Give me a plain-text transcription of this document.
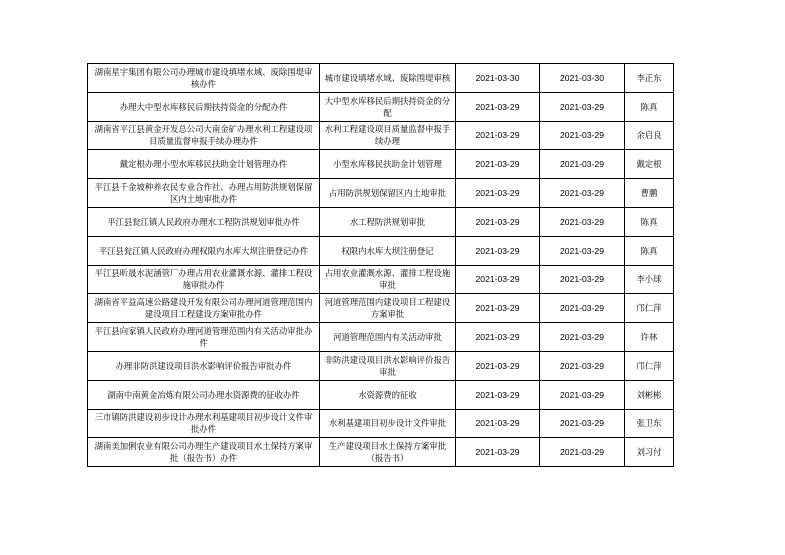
湖南星宇集团有限公司办理城市建设填堵水域、废除围堤审核办件	城市建设填堵水域、废除围堤审核	2021-03-30	2021-03-30	李正东
办理大中型水库移民后期扶持资金的分配办件	大中型水库移民后期扶持资金的分配	2021-03-29	2021-03-29	陈真
湖南省平江县黄金开发总公司大南金矿办理水利工程建设项目质量监督申报手续办理办件	水利工程建设项目质量监督申报手续办理	2021-03-29	2021-03-29	余启良
戴定根办理小型水库移民扶助金计划管理办件	小型水库移民扶助金计划管理	2021-03-29	2021-03-29	戴定根
平江县千金坡种养农民专业合作社、办理占用防洪规划保留区内土地审批办件	占用防洪规划保留区内土地审批	2021-03-29	2021-03-29	曹鹏
平江县瓮江镇人民政府办理水工程防洪规划审批办件	水工程防洪规划审批	2021-03-29	2021-03-29	陈真
平江县瓮江镇人民政府办理权限内水库大坝注册登记办件	权限内水库大坝注册登记	2021-03-29	2021-03-29	陈真
平江县昕晟水泥涵管厂办理占用农业灌溉水源、灌排工程设施审批办件	占用农业灌溉水源、灌排工程设施审批	2021-03-29	2021-03-29	李小球
湖南省平益高速公路建设开发有限公司办理河道管理范围内建设项目工程建设方案审批办件	河道管理范围内建设项目工程建设方案审批	2021-03-29	2021-03-29	邝仁萍
平江县向家镇人民政府办理河道管理范围内有关活动审批办件	河道管理范围内有关活动审批	2021-03-29	2021-03-29	许林
办理非防洪建设项目洪水影响评价报告审批办件	非防洪建设项目洪水影响评价报告审批	2021-03-29	2021-03-29	邝仁萍
湖南中南黄金冶炼有限公司办理水资源费的征收办件	水资源费的征收	2021-03-29	2021-03-29	刘彬彬
三市镇防洪建设初步设计办理水利基建项目初步设计文件审批办件	水利基建项目初步设计文件审批	2021-03-29	2021-03-29	张卫东
湖南美加俐农业有限公司办理生产建设项目水土保持方案审批（报告书）办件	生产建设项目水土保持方案审批（报告书）	2021-03-29	2021-03-29	刘习付
